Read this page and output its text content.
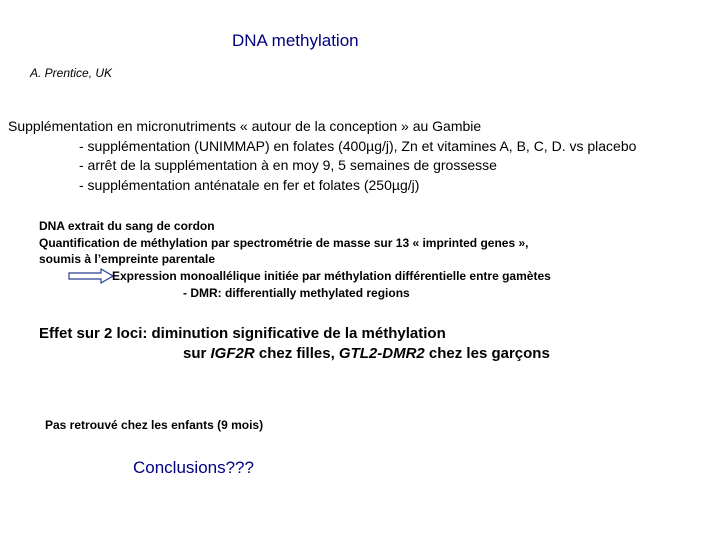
DNA methylation
A. Prentice, UK
Supplémentation en micronutriments « autour de la conception » au Gambie
- supplémentation (UNIMMAP) en folates (400µg/j), Zn et vitamines A, B, C, D. vs placebo
- arrêt de la supplémentation à en moy 9, 5 semaines de grossesse
- supplémentation anténatale en fer et folates (250µg/j)
DNA extrait du sang de cordon
Quantification de méthylation par spectrométrie de masse sur 13 « imprinted genes »,
soumis à l’empreinte parentale
Expression monoallélique initiée par méthylation différentielle entre gamètes
- DMR: differentially methylated regions
Effet sur 2 loci: diminution significative de la méthylation
sur IGF2R chez filles, GTL2-DMR2 chez les garçons
Pas retrouvé chez les enfants (9 mois)
Conclusions???
